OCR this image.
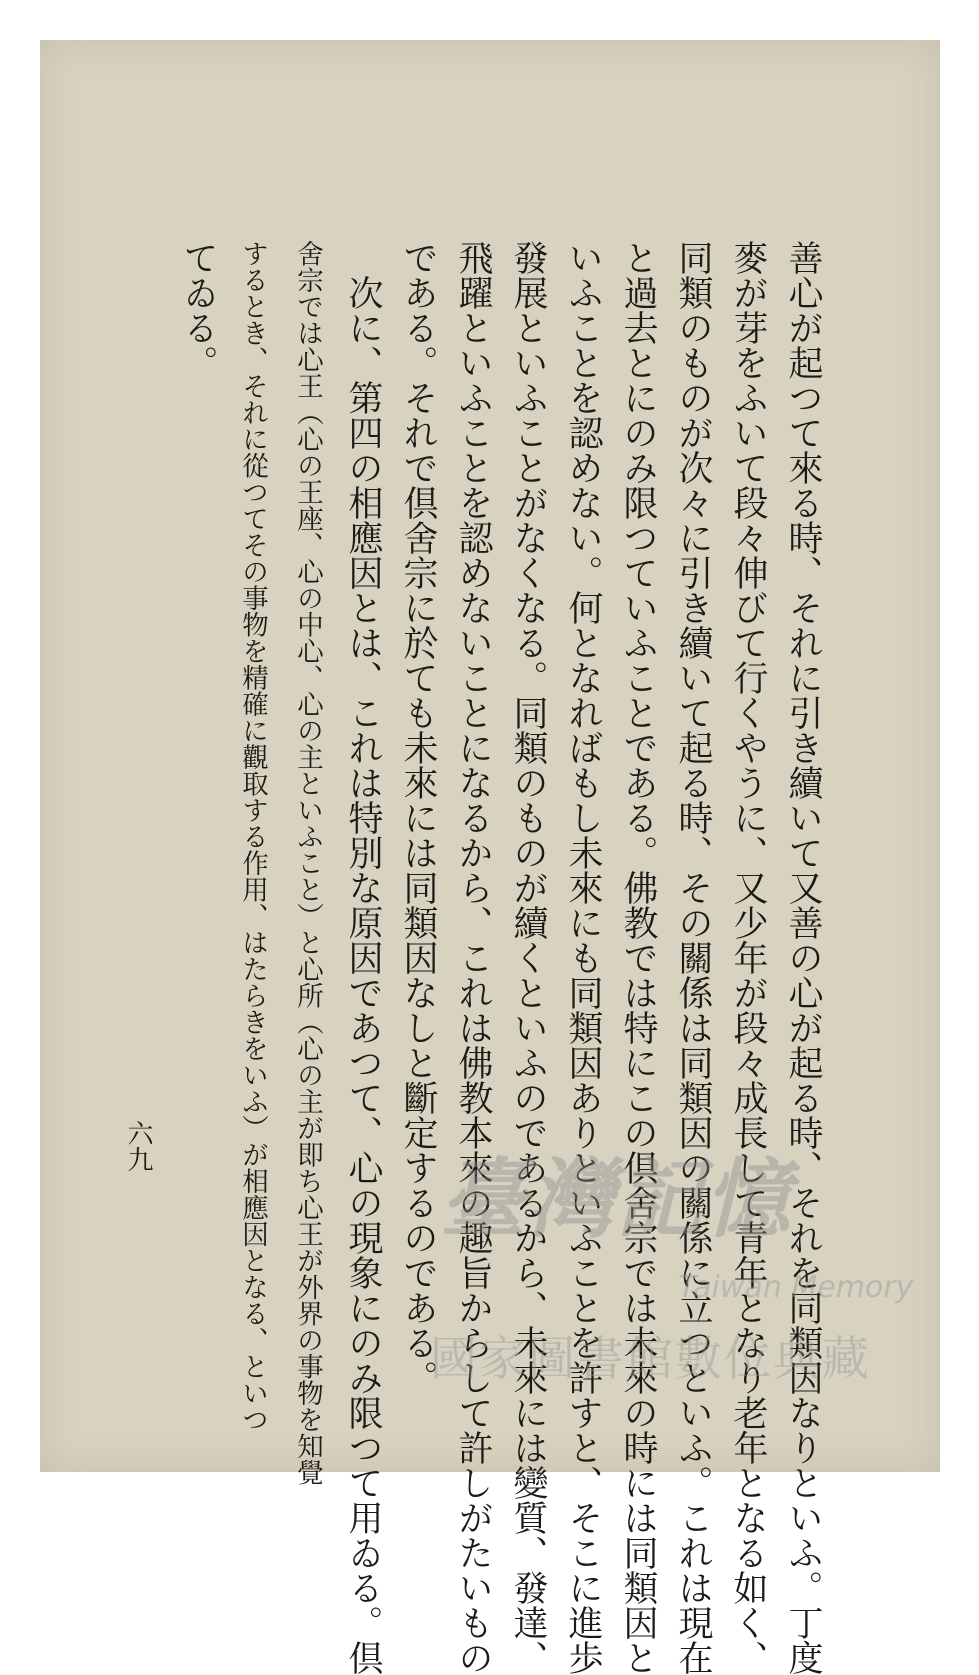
善心が起つて來る時、それに引き續いて又善の心が起る時、それを同類因なりといふ。丁度

麥が芽をふいて段々伸びて行くやうに、又少年が段々成長して青年となり老年となる如く、

同類のものが次々に引き續いて起る時、その關係は同類因の關係に立つといふ。これは現在

と過去とにのみ限つていふことである。佛教では特にこの倶舍宗では未來の時には同類因と

いふことを認めない。何となればもし未來にも同類因ありといふことを許すと、そこに進歩

發展といふことがなくなる。同類のものが續くといふのであるから、未來には變質、發達、

飛躍といふことを認めないことになるから、これは佛教本來の趣旨からして許しがたいもの

である。それで倶舍宗に於ても未來には同類因なしと斷定するのである。

次に、第四の相應因とは、これは特別な原因であつて、心の現象にのみ限つて用ゐる。倶

舍宗では心王（心の王座、心の中心、心の主といふこと）と心所（心の主が即ち心王が外界の事物を知覺

するとき、それに從つてその事物を精確に觀取する作用、はたらきをいふ）が相應因となる、といつ

てゐる。

六九
臺灣記憶
Taiwan Memory
國家圖書館數位典藏
